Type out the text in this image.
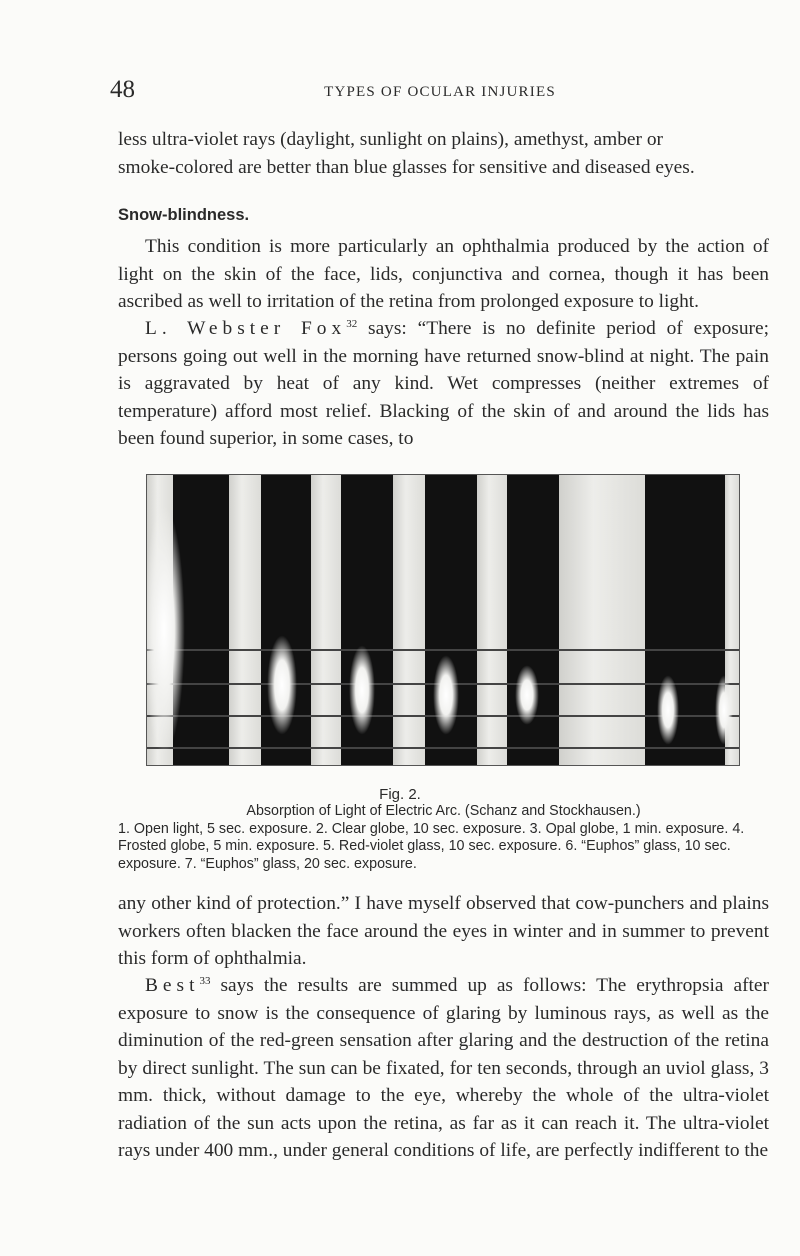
48	TYPES OF OCULAR INJURIES

less ultra-violet rays (daylight, sunlight on plains), amethyst, amber or
smoke-colored are better than blue glasses for sensitive and diseased eyes.

Snow-blindness.

This condition is more particularly an ophthalmia produced by the action of light on the skin of the face, lids, conjunctiva and cornea, though it has been ascribed as well to irritation of the retina from prolonged exposure to light.

L. Webster Fox$^{32}$ says: “There is no definite period of exposure; persons going out well in the morning have returned snow-blind at night. The pain is aggravated by heat of any kind. Wet compresses (neither extremes of temperature) afford most relief. Blacking of the skin of and around the lids has been found superior, in some cases, to

Fig. 2.

Absorption of Light of Electric Arc. (Schanz and Stockhausen.)
1. Open light, 5 sec. exposure. 2. Clear globe, 10 sec. exposure. 3. Opal globe, 1 min. exposure. 4. Frosted globe, 5 min. exposure. 5. Red-violet glass, 10 sec. exposure. 6. “Euphos” glass, 10 sec. exposure. 7. “Euphos” glass, 20 sec. exposure.

any other kind of protection.” I have myself observed that cow-punchers and plains workers often blacken the face around the eyes in winter and in summer to prevent this form of ophthalmia.

Best$^{33}$ says the results are summed up as follows: The erythropsia after exposure to snow is the consequence of glaring by luminous rays, as well as the diminution of the red-green sensation after glaring and the destruction of the retina by direct sunlight. The sun can be fixated, for ten seconds, through an uviol glass, 3 mm. thick, without damage to the eye, whereby the whole of the ultra-violet radiation of the sun acts upon the retina, as far as it can reach it. The ultra-violet rays under 400 mm., under general conditions of life, are perfectly indifferent to the
